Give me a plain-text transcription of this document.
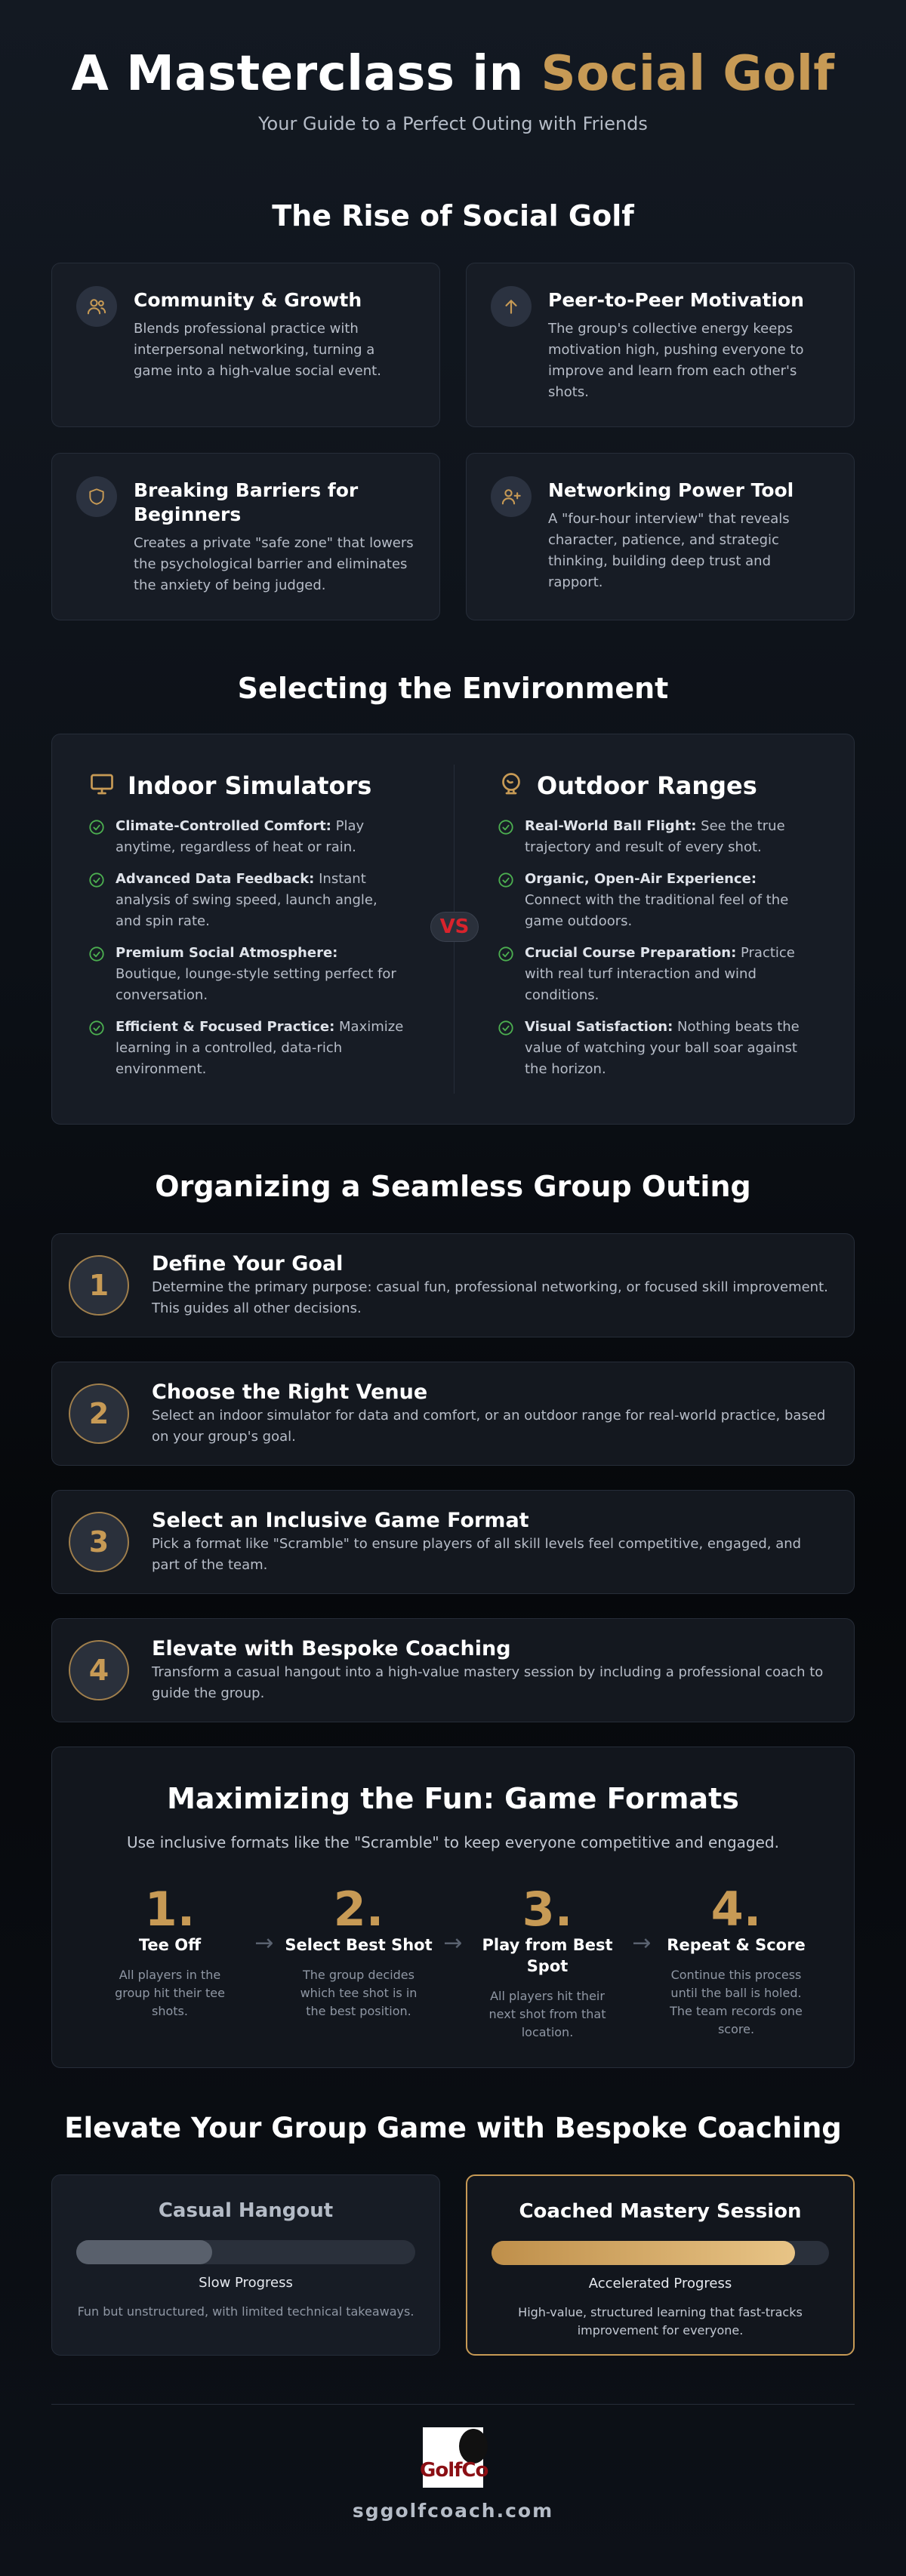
A Masterclass in Social Golf
Your Guide to a Perfect Outing with Friends
The Rise of Social Golf
Community & Growth

Blends professional practice with interpersonal networking, turning a game into a high-value social event.

Peer-to-Peer Motivation

The group's collective energy keeps motivation high, pushing everyone to improve and learn from each other's shots.

Breaking Barriers for Beginners

Creates a private "safe zone" that lowers the psychological barrier and eliminates the anxiety of being judged.

Networking Power Tool

A "four-hour interview" that reveals character, patience, and strategic thinking, building deep trust and rapport.

Selecting the Environment
VS
Indoor Simulators
Climate-Controlled Comfort: Play anytime, regardless of heat or rain.
Advanced Data Feedback: Instant analysis of swing speed, launch angle, and spin rate.
Premium Social Atmosphere: Boutique, lounge-style setting perfect for conversation.
Efficient & Focused Practice: Maximize learning in a controlled, data-rich environment.
Outdoor Ranges
Real-World Ball Flight: See the true trajectory and result of every shot.
Organic, Open-Air Experience: Connect with the traditional feel of the game outdoors.
Crucial Course Preparation: Practice with real turf interaction and wind conditions.
Visual Satisfaction: Nothing beats the value of watching your ball soar against the horizon.
Organizing a Seamless Group Outing
1
Define Your Goal

Determine the primary purpose: casual fun, professional networking, or focused skill improvement. This guides all other decisions.

2
Choose the Right Venue

Select an indoor simulator for data and comfort, or an outdoor range for real-world practice, based on your group's goal.

3
Select an Inclusive Game Format

Pick a format like "Scramble" to ensure players of all skill levels feel competitive, engaged, and part of the team.

4
Elevate with Bespoke Coaching

Transform a casual hangout into a high-value mastery session by including a professional coach to guide the group.

Maximizing the Fun: Game Formats
Use inclusive formats like the "Scramble" to keep everyone competitive and engaged.
1.
Tee Off

All players in the group hit their tee shots.

→
2.
Select Best Shot

The group decides which tee shot is in the best position.

→
3.
Play from Best Spot

All players hit their next shot from that location.

→
4.
Repeat & Score

Continue this process until the ball is holed. The team records one score.

Elevate Your Group Game with Bespoke Coaching
Casual Hangout
Slow Progress
Fun but unstructured, with limited technical takeaways.
Coached Mastery Session
Accelerated Progress
High-value, structured learning that fast-tracks improvement for everyone.
GolfCo
sggolfcoach.com
